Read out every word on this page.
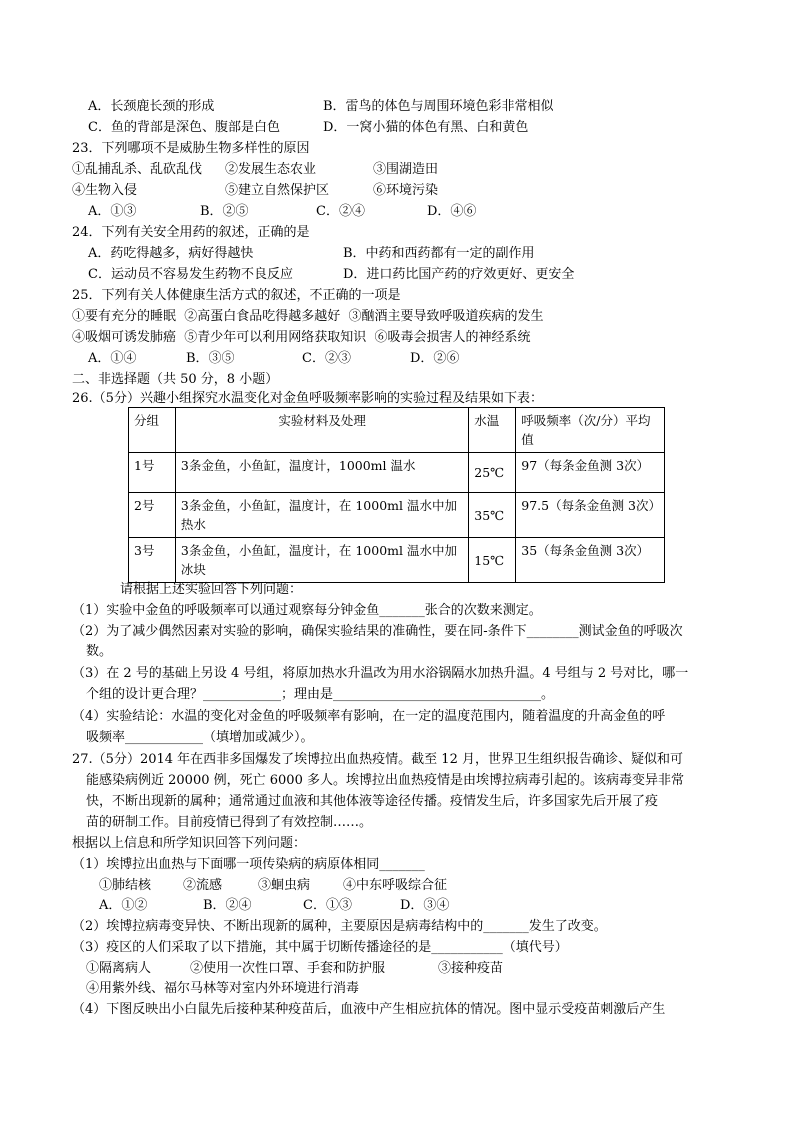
A．长颈鹿长颈的形成	B．雷鸟的体色与周围环境色彩非常相似
C．鱼的背部是深色、腹部是白色	D．一窝小猫的体色有黑、白和黄色
23．下列哪项不是威胁生物多样性的原因
①乱捕乱杀、乱砍乱伐 ②发展生态农业	③围湖造田
④生物入侵	⑤建立自然保护区	⑥环境污染
A．①③	B．②⑤	C．②④	D．④⑥
24．下列有关安全用药的叙述，正确的是
A．药吃得越多，病好得越快	B．中药和西药都有一定的副作用
C．运动员不容易发生药物不良反应	D．进口药比国产药的疗效更好、更安全
25．下列有关人体健康生活方式的叙述，不正确的一项是
①要有充分的睡眠  ②高蛋白食品吃得越多越好  ③酗酒主要导致呼吸道疾病的发生
④吸烟可诱发肺癌  ⑤青少年可以利用网络获取知识  ⑥吸毒会损害人的神经系统
A．①④	B．③⑤	C．②③	D．②⑥
二、非选择题（共 50 分，8 小题）
26.（5分）兴趣小组探究水温变化对金鱼呼吸频率影响的实验过程及结果如下表：
分组	实验材料及处理	水温	呼吸频率（次/分）平均值
1号	3条金鱼，小鱼缸，温度计，1000ml 温水	25℃	97（每条金鱼测 3次）
2号	3条金鱼，小鱼缸，温度计，在 1000ml 温水中加热水	35℃	97.5（每条金鱼测 3次）
3号	3条金鱼，小鱼缸，温度计，在 1000ml 温水中加冰块	15℃	35（每条金鱼测 3次）
请根据上述实验回答下列问题：
（1）实验中金鱼的呼吸频率可以通过观察每分钟金鱼_______张合的次数来测定。
（2）为了减少偶然因素对实验的影响，确保实验结果的准确性，要在同-条件下________测试金鱼的呼吸次
数。
（3）在 2 号的基础上另设 4 号组，将原加热水升温改为用水浴锅隔水加热升温。4 号组与 2 号对比，哪一
个组的设计更合理？____________；理由是________________________________。
（4）实验结论：水温的变化对金鱼的呼吸频率有影响，在一定的温度范围内，随着温度的升高金鱼的呼
吸频率____________（填增加或减少）。
27.（5分）2014 年在西非多国爆发了埃博拉出血热疫情。截至 12 月，世界卫生组织报告确诊、疑似和可
能感染病例近 20000 例，死亡 6000 多人。埃博拉出血热疫情是由埃博拉病毒引起的。该病毒变异非常
快，不断出现新的属种；通常通过血液和其他体液等途径传播。疫情发生后，许多国家先后开展了疫
苗的研制工作。目前疫情已得到了有效控制……。
根据以上信息和所学知识回答下列问题：
（1）埃博拉出血热与下面哪一项传染病的病原体相同_______
①肺结核 ②流感	③蛔虫病	④中东呼吸综合征
A．①②	B．②④	C．①③	D．③④
（2）埃博拉病毒变异快、不断出现新的属种，主要原因是病毒结构中的_______发生了改变。
（3）疫区的人们采取了以下措施，其中属于切断传播途径的是___________（填代号）
①隔离病人	②使用一次性口罩、手套和防护服	③接种疫苗
④用紫外线、福尔马林等对室内外环境进行消毒
（4）下图反映出小白鼠先后接种某种疫苗后，血液中产生相应抗体的情况。图中显示受疫苗刺激后产生
